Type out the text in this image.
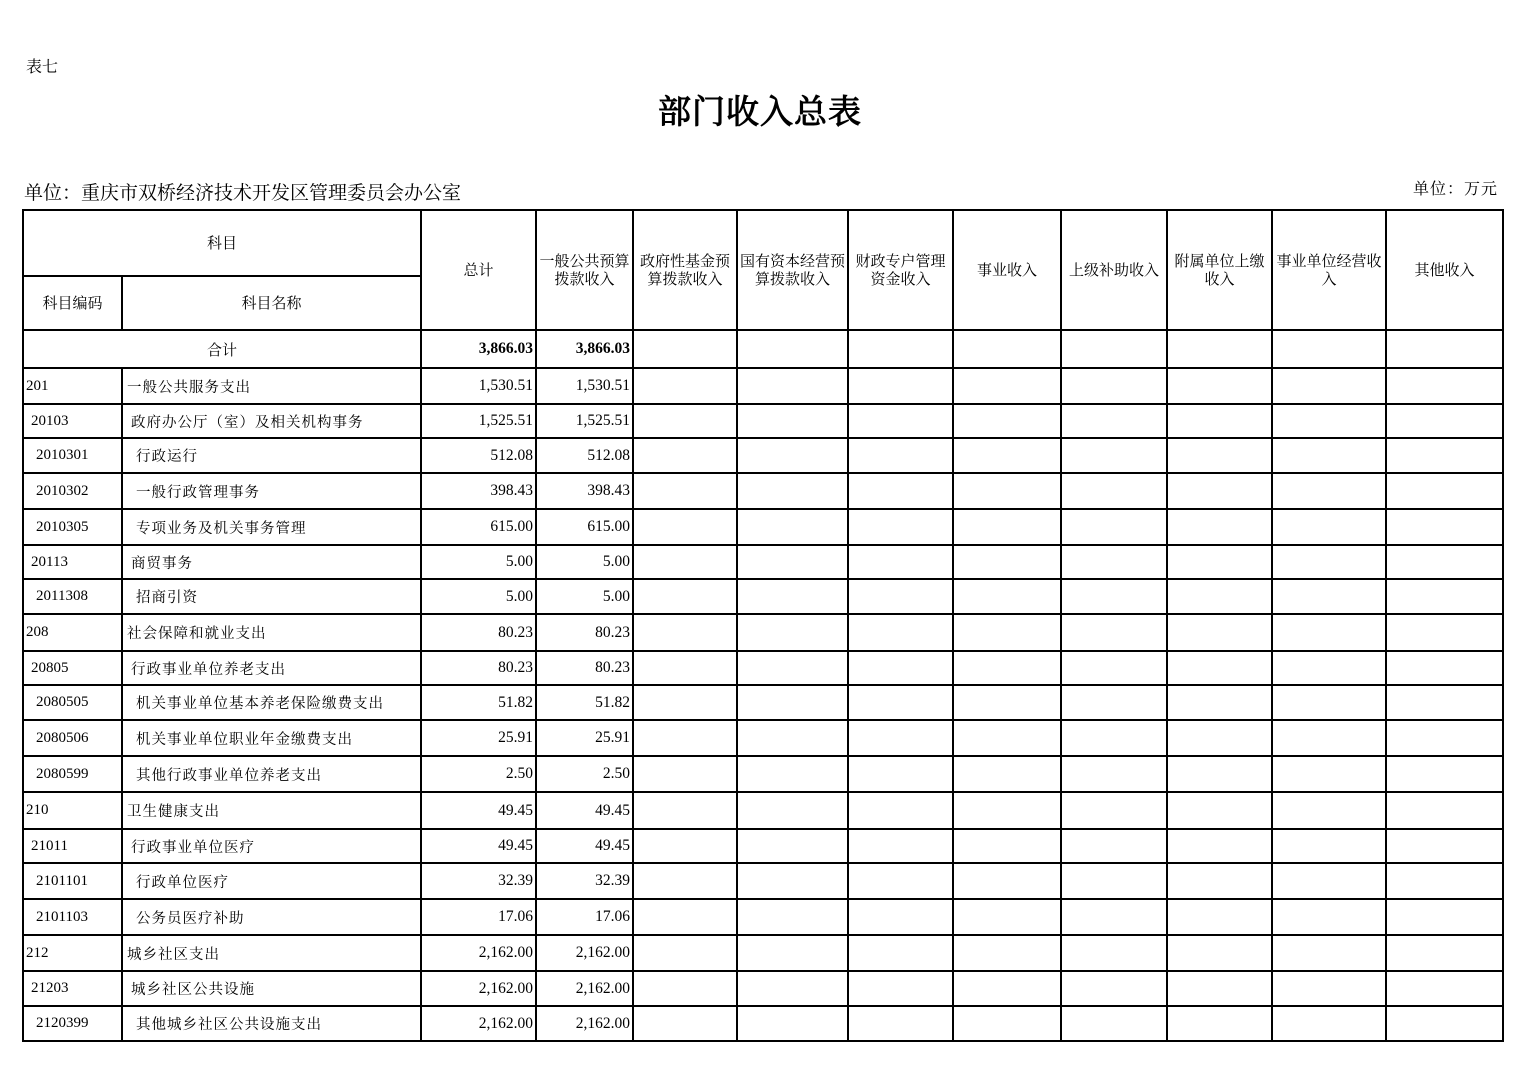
表七
部门收入总表
单位：重庆市双桥经济技术开发区管理委员会办公室	单位：万元
科目		总计	一般公共预算拨款收入	政府性基金预算拨款收入	国有资本经营预算拨款收入	财政专户管理资金收入	事业收入	上级补助收入	附属单位上缴收入	事业单位经营收入	其他收入
科目编码	科目名称										
合计		3,866.03	3,866.03								
201	一般公共服务支出	1,530.51	1,530.51								
20103	政府办公厅（室）及相关机构事务	1,525.51	1,525.51								
2010301	行政运行	512.08	512.08								
2010302	一般行政管理事务	398.43	398.43								
2010305	专项业务及机关事务管理	615.00	615.00								
20113	商贸事务	5.00	5.00								
2011308	招商引资	5.00	5.00								
208	社会保障和就业支出	80.23	80.23								
20805	行政事业单位养老支出	80.23	80.23								
2080505	机关事业单位基本养老保险缴费支出	51.82	51.82								
2080506	机关事业单位职业年金缴费支出	25.91	25.91								
2080599	其他行政事业单位养老支出	2.50	2.50								
210	卫生健康支出	49.45	49.45								
21011	行政事业单位医疗	49.45	49.45								
2101101	行政单位医疗	32.39	32.39								
2101103	公务员医疗补助	17.06	17.06								
212	城乡社区支出	2,162.00	2,162.00								
21203	城乡社区公共设施	2,162.00	2,162.00								
2120399	其他城乡社区公共设施支出	2,162.00	2,162.00								
